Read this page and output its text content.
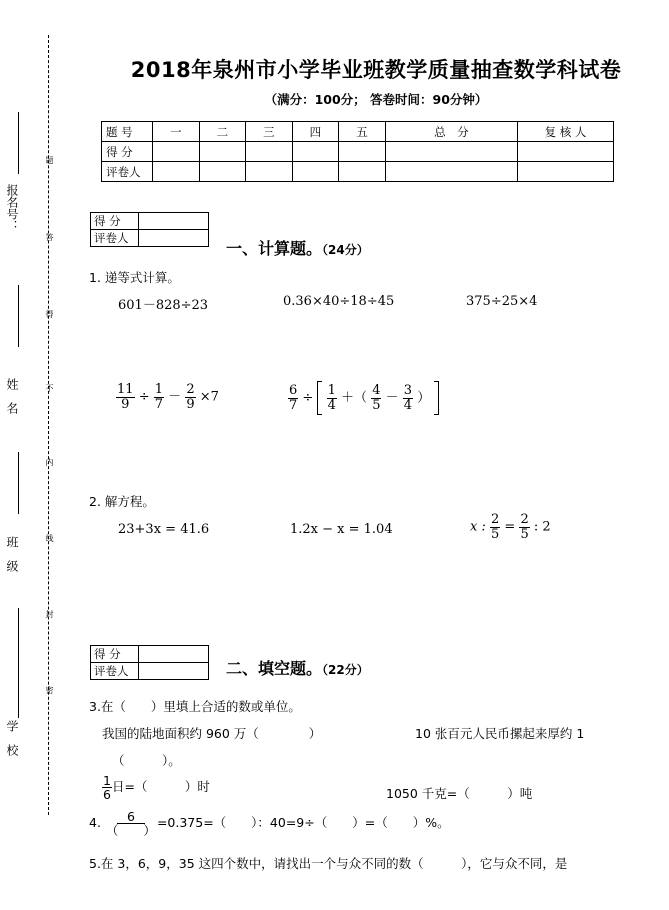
报名号：
姓　名
班　级
学　校
题
答
得
不
内
线
封
密
2018年泉州市小学毕业班教学质量抽查数学科试卷
（满分：100分； 答卷时间：90分钟）
题 号	一	二	三	四	五	总　分	复 核 人
得 分							
评卷人							
得 分	
评卷人	
一、计算题。（24分）
1. 递等式计算。
601－828÷23	0.36×40÷18÷45	375÷25×4
$\frac{11}{9} \div \frac{1}{7} - \frac{2}{9} \times 7$	$\frac{6}{7} \div \frac{1}{4}$ ＋（ $\frac{4}{5} - \frac{3}{4}$ ）
2. 解方程。
23+3x = 41.6	1.2x − x = 1.04	x : $\frac{2}{5} = \frac{2}{5}$ : 2
得 分	
评卷人		二、填空题。（22分）
3.在（　　）里填上合适的数或单位。
我国的陆地面积约 960 万（　　　　）	10 张百元人民币摞起来厚约 1
（　　　）。
$\frac{1}{6}$ 日=（　　　）时	1050 千克=（　　　）吨
4. $\frac{6}{( )} =0.375=$（　　）：40=9÷（　　）=（　　）%。
5.在 3，6，9，35 这四个数中，请找出一个与众不同的数（　　　），它与众不同，是
